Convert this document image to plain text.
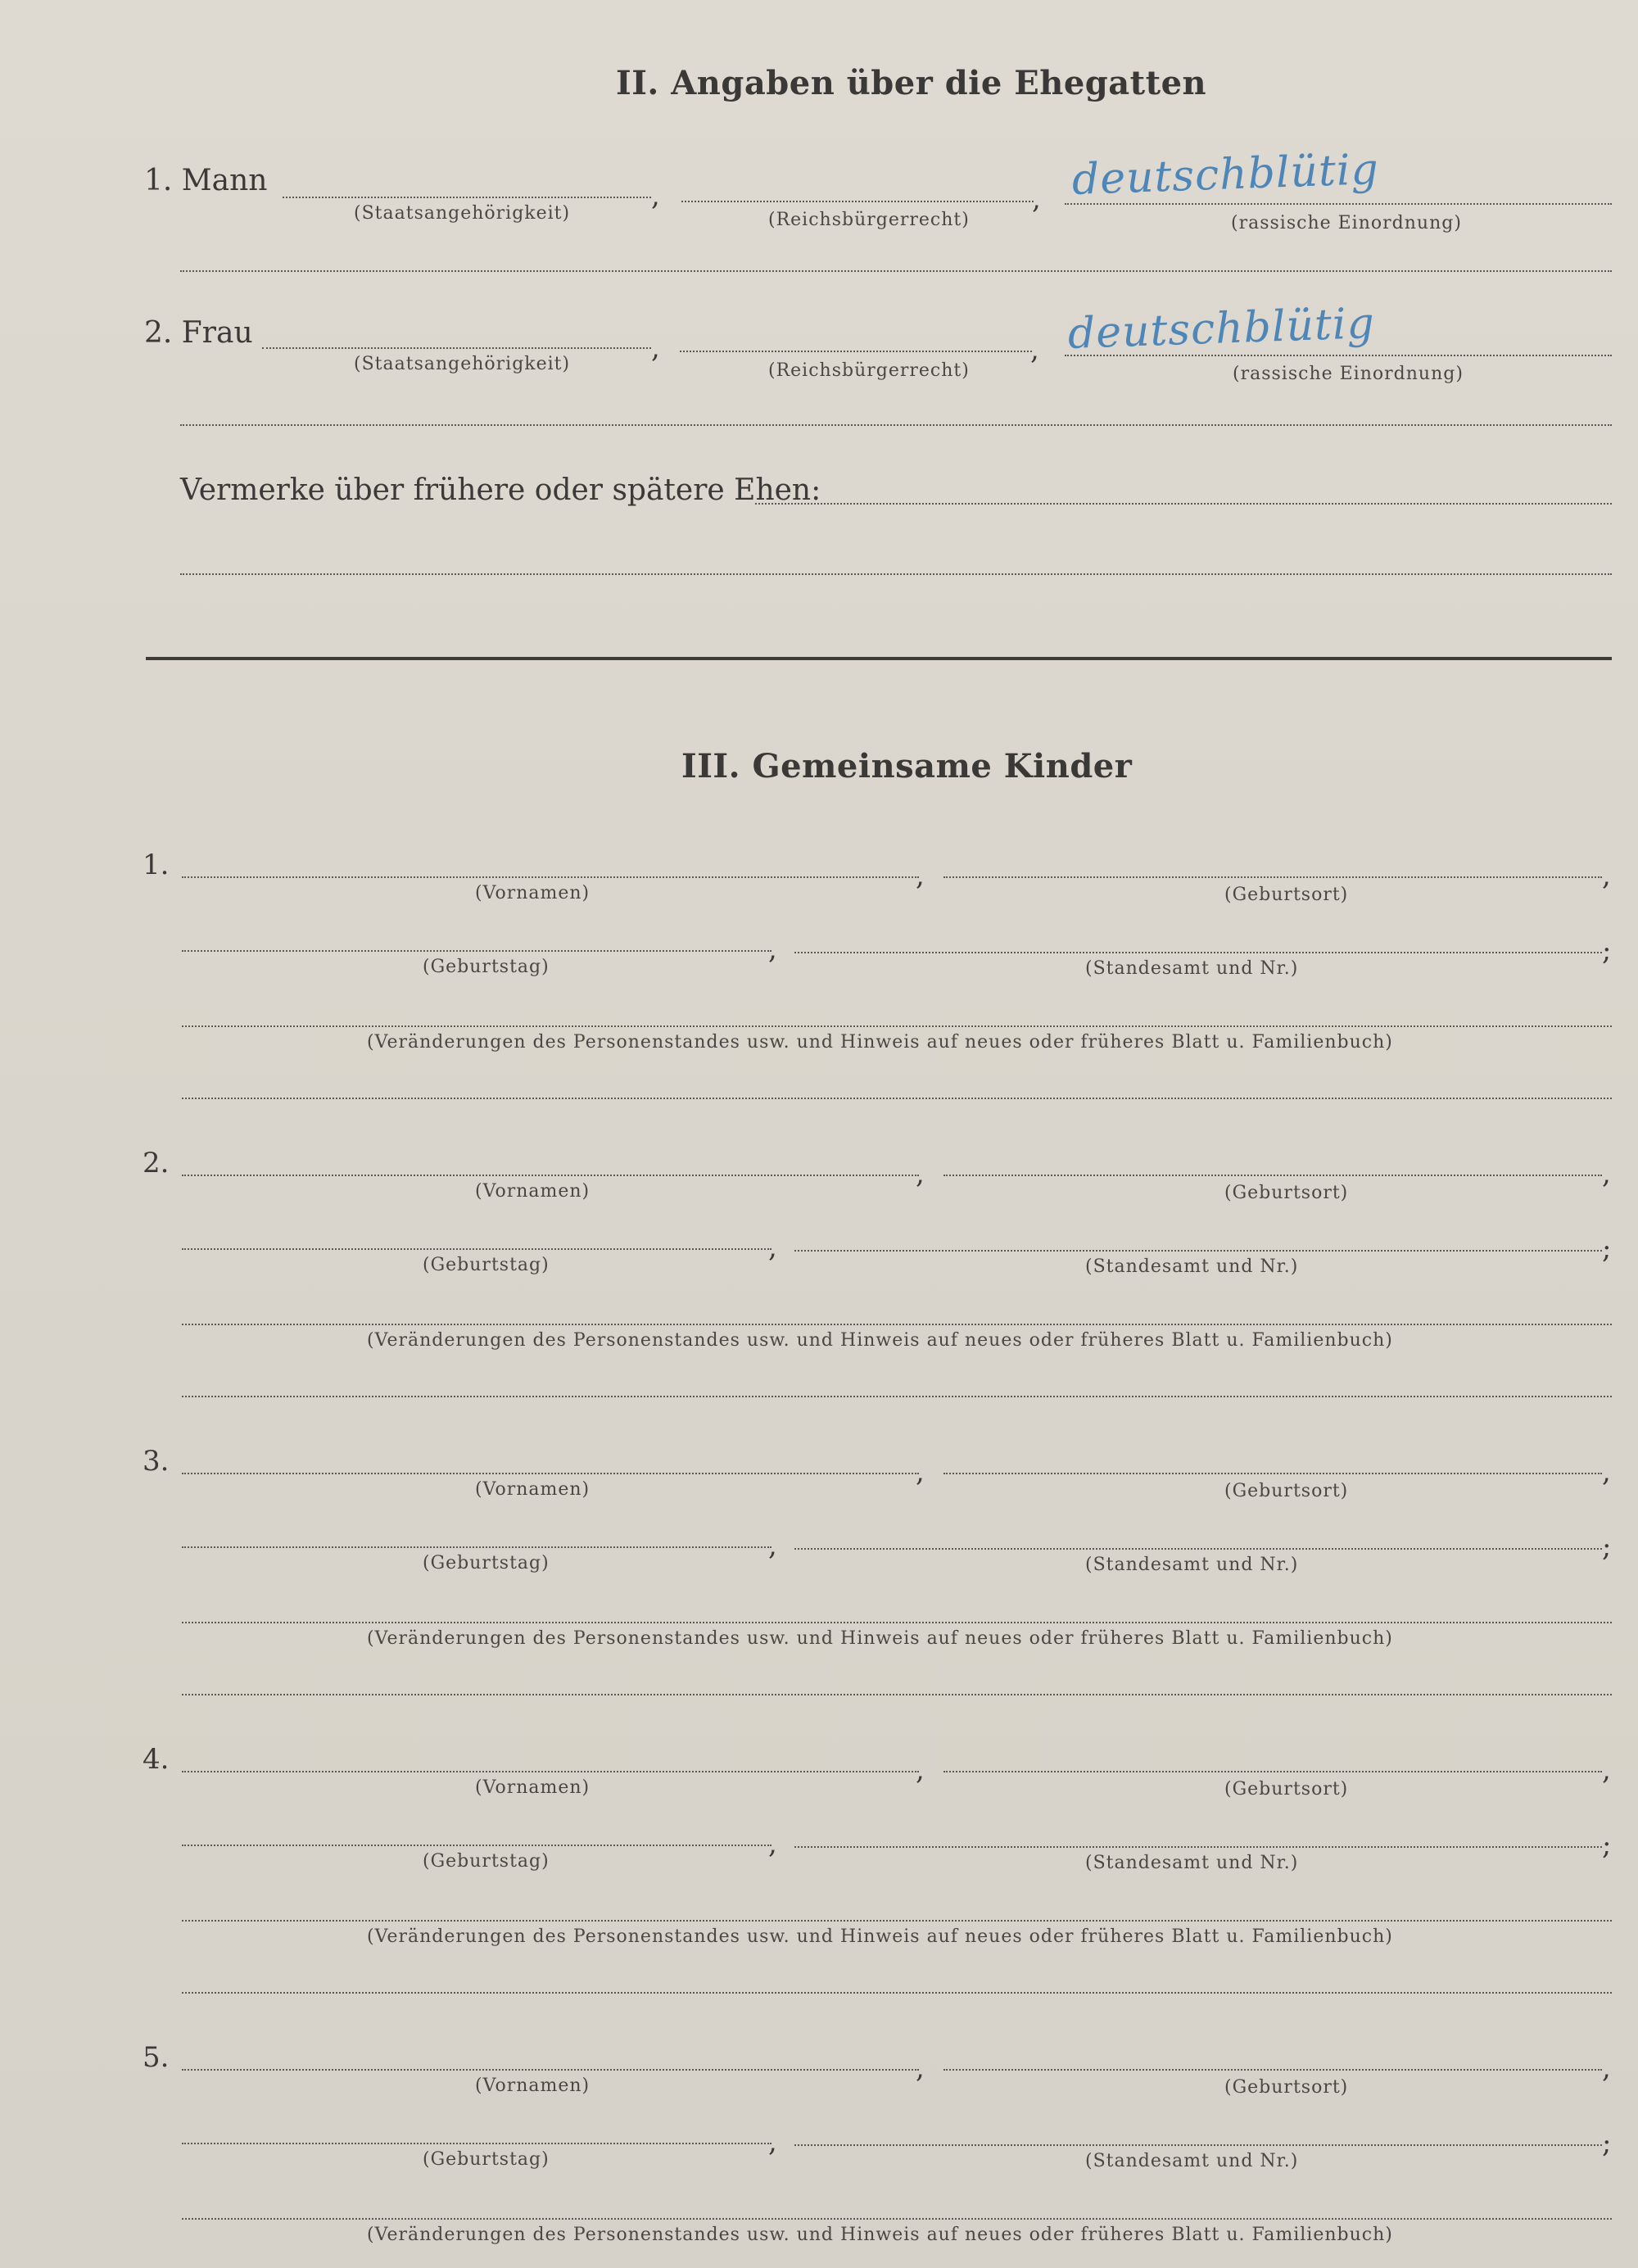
II. Angaben über die Ehegatten
1. Mann	,	, deutschblütig
(Staatsangehörigkeit)	(Reichsbürgerrecht)	(rassische Einordnung)
2. Frau	,	, deutschblütig
(Staatsangehörigkeit)	(Reichsbürgerrecht)	(rassische Einordnung)
Vermerke über frühere oder spätere Ehen:
III. Gemeinsame Kinder
1.	,	,
(Vornamen)	(Geburtsort)
,	;
(Geburtstag)	(Standesamt und Nr.)
(Veränderungen des Personenstandes usw. und Hinweis auf neues oder früheres Blatt u. Familienbuch)
2.	,	,
(Vornamen)	(Geburtsort)
,	;
(Geburtstag)	(Standesamt und Nr.)
(Veränderungen des Personenstandes usw. und Hinweis auf neues oder früheres Blatt u. Familienbuch)
3.	,	,
(Vornamen)	(Geburtsort)
,	;
(Geburtstag)	(Standesamt und Nr.)
(Veränderungen des Personenstandes usw. und Hinweis auf neues oder früheres Blatt u. Familienbuch)
4.	,	,
(Vornamen)	(Geburtsort)
,	;
(Geburtstag)	(Standesamt und Nr.)
(Veränderungen des Personenstandes usw. und Hinweis auf neues oder früheres Blatt u. Familienbuch)
5.	,	,
(Vornamen)	(Geburtsort)
,	;
(Geburtstag)	(Standesamt und Nr.)
(Veränderungen des Personenstandes usw. und Hinweis auf neues oder früheres Blatt u. Familienbuch)
